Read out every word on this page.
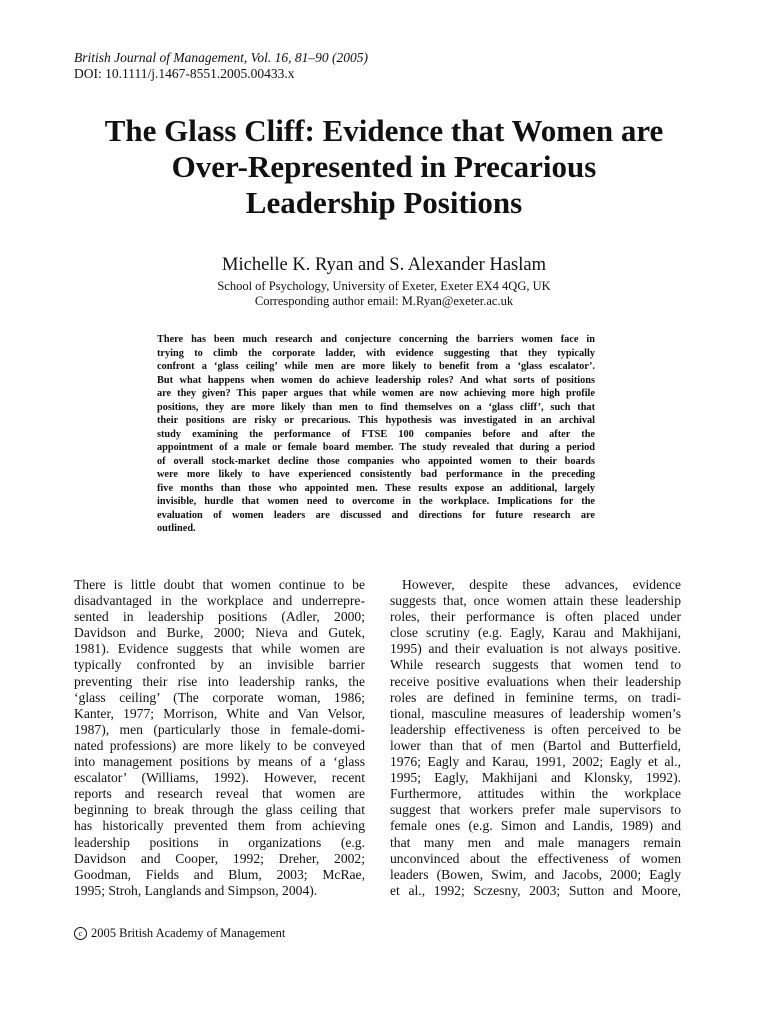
British Journal of Management, Vol. 16, 81–90 (2005)
DOI: 10.1111/j.1467-8551.2005.00433.x
The Glass Cliff: Evidence that Women are
Over-Represented in Precarious
Leadership Positions
Michelle K. Ryan and S. Alexander Haslam
School of Psychology, University of Exeter, Exeter EX4 4QG, UK
Corresponding author email: M.Ryan@exeter.ac.uk
There has been much research and conjecture concerning the barriers women face in
trying to climb the corporate ladder, with evidence suggesting that they typically
confront a ‘glass ceiling’ while men are more likely to benefit from a ‘glass escalator’.
But what happens when women do achieve leadership roles? And what sorts of positions
are they given? This paper argues that while women are now achieving more high profile
positions, they are more likely than men to find themselves on a ‘glass cliff’, such that
their positions are risky or precarious. This hypothesis was investigated in an archival
study examining the performance of FTSE 100 companies before and after the
appointment of a male or female board member. The study revealed that during a period
of overall stock-market decline those companies who appointed women to their boards
were more likely to have experienced consistently bad performance in the preceding
five months than those who appointed men. These results expose an additional, largely
invisible, hurdle that women need to overcome in the workplace. Implications for the
evaluation of women leaders are discussed and directions for future research are
outlined.
There is little doubt that women continue to be
disadvantaged in the workplace and underrepre-
sented in leadership positions (Adler, 2000;
Davidson and Burke, 2000; Nieva and Gutek,
1981). Evidence suggests that while women are
typically confronted by an invisible barrier
preventing their rise into leadership ranks, the
‘glass ceiling’ (The corporate woman, 1986;
Kanter, 1977; Morrison, White and Van Velsor,
1987), men (particularly those in female-domi-
nated professions) are more likely to be conveyed
into management positions by means of a ‘glass
escalator’ (Williams, 1992). However, recent
reports and research reveal that women are
beginning to break through the glass ceiling that
has historically prevented them from achieving
leadership positions in organizations (e.g.
Davidson and Cooper, 1992; Dreher, 2002;
Goodman, Fields and Blum, 2003; McRae,
1995; Stroh, Langlands and Simpson, 2004).
However, despite these advances, evidence
suggests that, once women attain these leadership
roles, their performance is often placed under
close scrutiny (e.g. Eagly, Karau and Makhijani,
1995) and their evaluation is not always positive.
While research suggests that women tend to
receive positive evaluations when their leadership
roles are defined in feminine terms, on tradi-
tional, masculine measures of leadership women’s
leadership effectiveness is often perceived to be
lower than that of men (Bartol and Butterfield,
1976; Eagly and Karau, 1991, 2002; Eagly et al.,
1995; Eagly, Makhijani and Klonsky, 1992).
Furthermore, attitudes within the workplace
suggest that workers prefer male supervisors to
female ones (e.g. Simon and Landis, 1989) and
that many men and male managers remain
unconvinced about the effectiveness of women
leaders (Bowen, Swim, and Jacobs, 2000; Eagly
et al., 1992; Sczesny, 2003; Sutton and Moore,
c 2005 British Academy of Management
